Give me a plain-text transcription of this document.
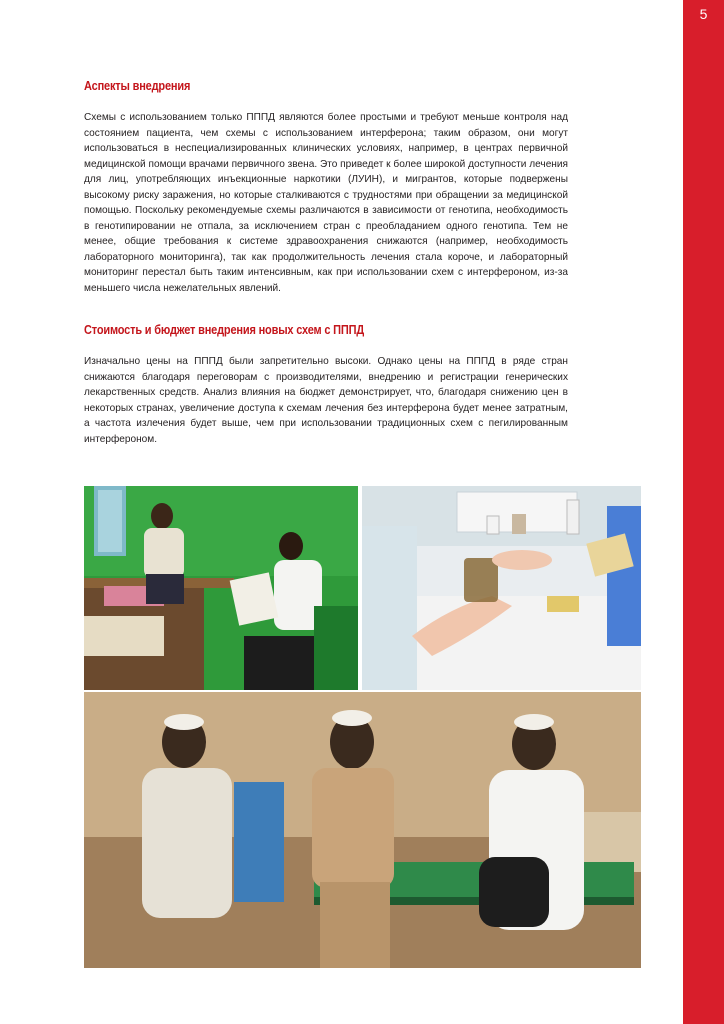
5
Аспекты внедрения

Схемы с использованием только ПППД являются более простыми и требуют меньше контроля над состоянием пациента, чем схемы с использованием интерферона; таким образом, они могут использоваться в неспециализированных клинических условиях, например, в центрах первичной медицинской помощи врачами первичного звена. Это приведет к более широкой доступности лечения для лиц, употребляющих инъекционные наркотики (ЛУИН), и мигрантов, которые подвержены высокому риску заражения, но которые сталкиваются с трудностями при обращении за медицинской помощью. Поскольку рекомендуемые схемы различаются в зависимости от генотипа, необходимость в генотипировании не отпала, за исключением стран с преобладанием одного генотипа. Тем не менее, общие требования к системе здравоохранения снижаются (например, необходимость лабораторного мониторинга), так как продолжительность лечения стала короче, и лабораторный мониторинг перестал быть таким интенсивным, как при использовании схем с интерфероном, из-за меньшего числа нежелательных явлений.

Стоимость и бюджет внедрения новых схем с ПППД

Изначально цены на ПППД были запретительно высоки. Однако цены на ПППД в ряде стран снижаются благодаря переговорам с производителями, внедрению и регистрации генерических лекарственных средств. Анализ влияния на бюджет демонстрирует, что, благодаря снижению цен в некоторых странах, увеличение доступа к схемам лечения без интерферона будет менее затратным, а частота излечения будет выше, чем при использовании традиционных схем с пегилированным интерфероном.
